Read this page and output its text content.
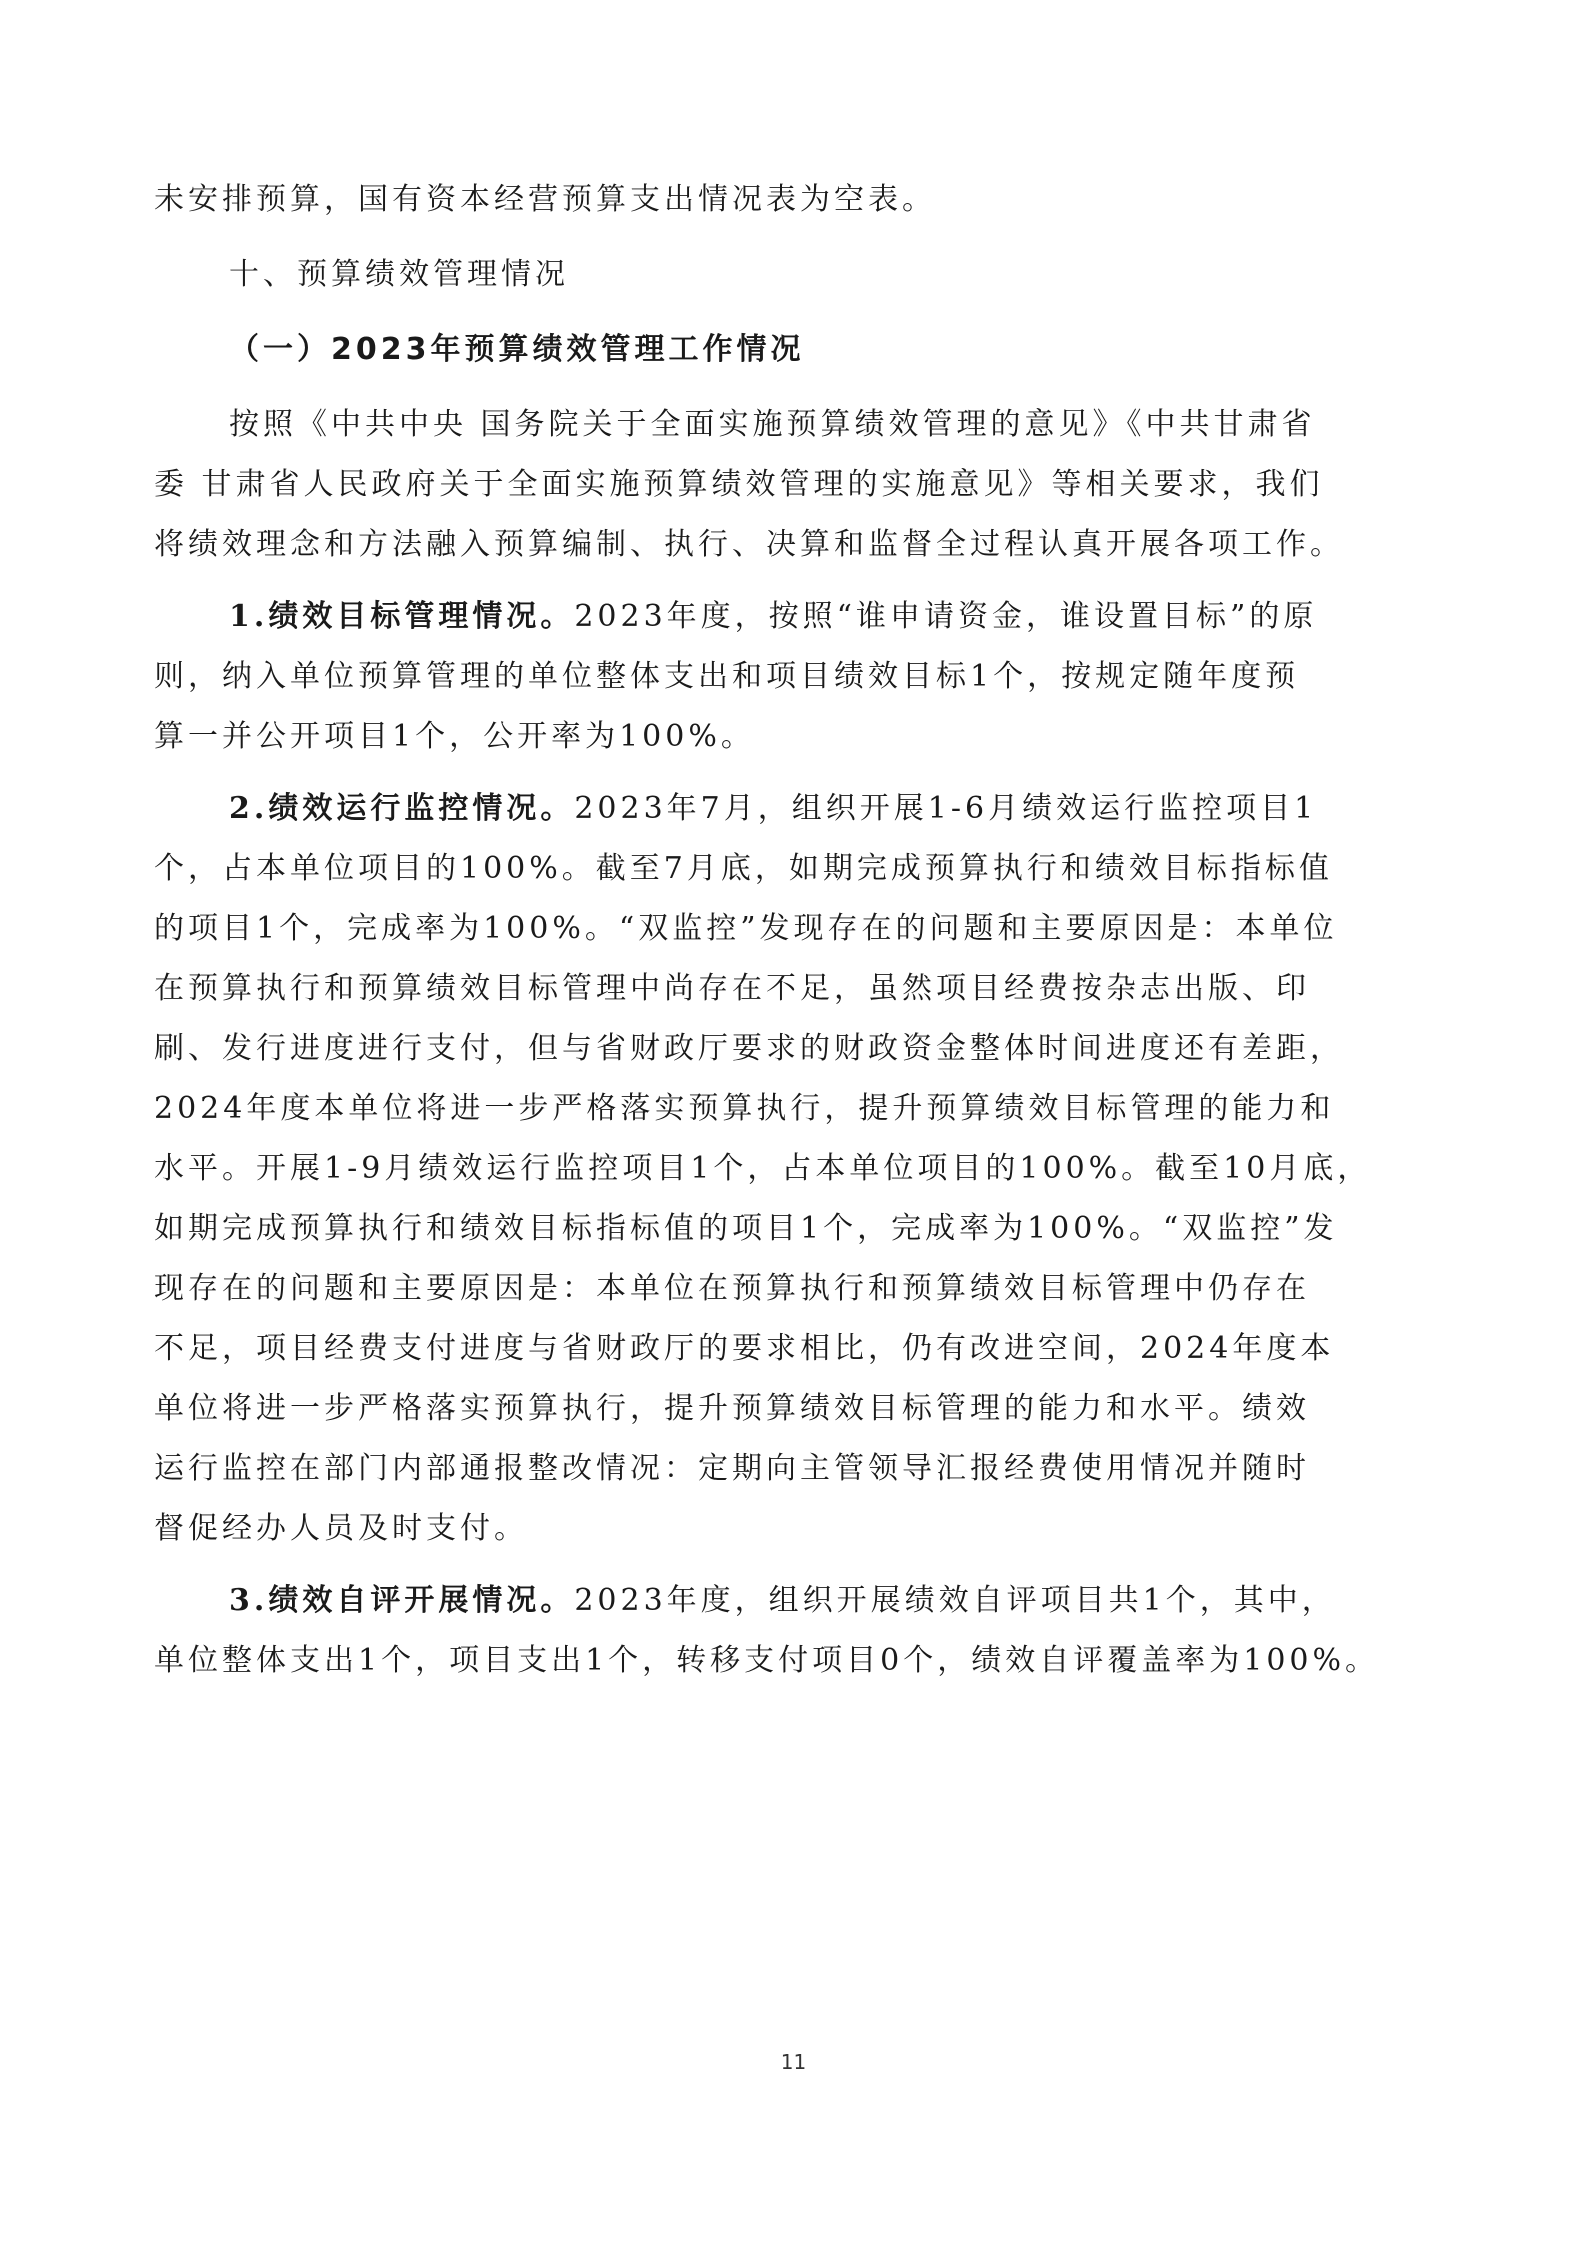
未安排预算，国有资本经营预算支出情况表为空表。
十、预算绩效管理情况
（一）2023年预算绩效管理工作情况
按照《中共中央 国务院关于全面实施预算绩效管理的意见》《中共甘肃省
委 甘肃省人民政府关于全面实施预算绩效管理的实施意见》等相关要求，我们
将绩效理念和方法融入预算编制、执行、决算和监督全过程认真开展各项工作。
1.绩效目标管理情况。2023年度，按照“谁申请资金，谁设置目标”的原
则，纳入单位预算管理的单位整体支出和项目绩效目标1个，按规定随年度预
算一并公开项目1个，公开率为100%。
2.绩效运行监控情况。2023年7月，组织开展1-6月绩效运行监控项目1
个，占本单位项目的100%。截至7月底，如期完成预算执行和绩效目标指标值
的项目1个，完成率为100%。“双监控”发现存在的问题和主要原因是：本单位
在预算执行和预算绩效目标管理中尚存在不足，虽然项目经费按杂志出版、印
刷、发行进度进行支付，但与省财政厅要求的财政资金整体时间进度还有差距，
2024年度本单位将进一步严格落实预算执行，提升预算绩效目标管理的能力和
水平。开展1-9月绩效运行监控项目1个，占本单位项目的100%。截至10月底，
如期完成预算执行和绩效目标指标值的项目1个，完成率为100%。“双监控”发
现存在的问题和主要原因是：本单位在预算执行和预算绩效目标管理中仍存在
不足，项目经费支付进度与省财政厅的要求相比，仍有改进空间，2024年度本
单位将进一步严格落实预算执行，提升预算绩效目标管理的能力和水平。绩效
运行监控在部门内部通报整改情况：定期向主管领导汇报经费使用情况并随时
督促经办人员及时支付。
3.绩效自评开展情况。2023年度，组织开展绩效自评项目共1个，其中，
单位整体支出1个，项目支出1个，转移支付项目0个，绩效自评覆盖率为100%。
11
